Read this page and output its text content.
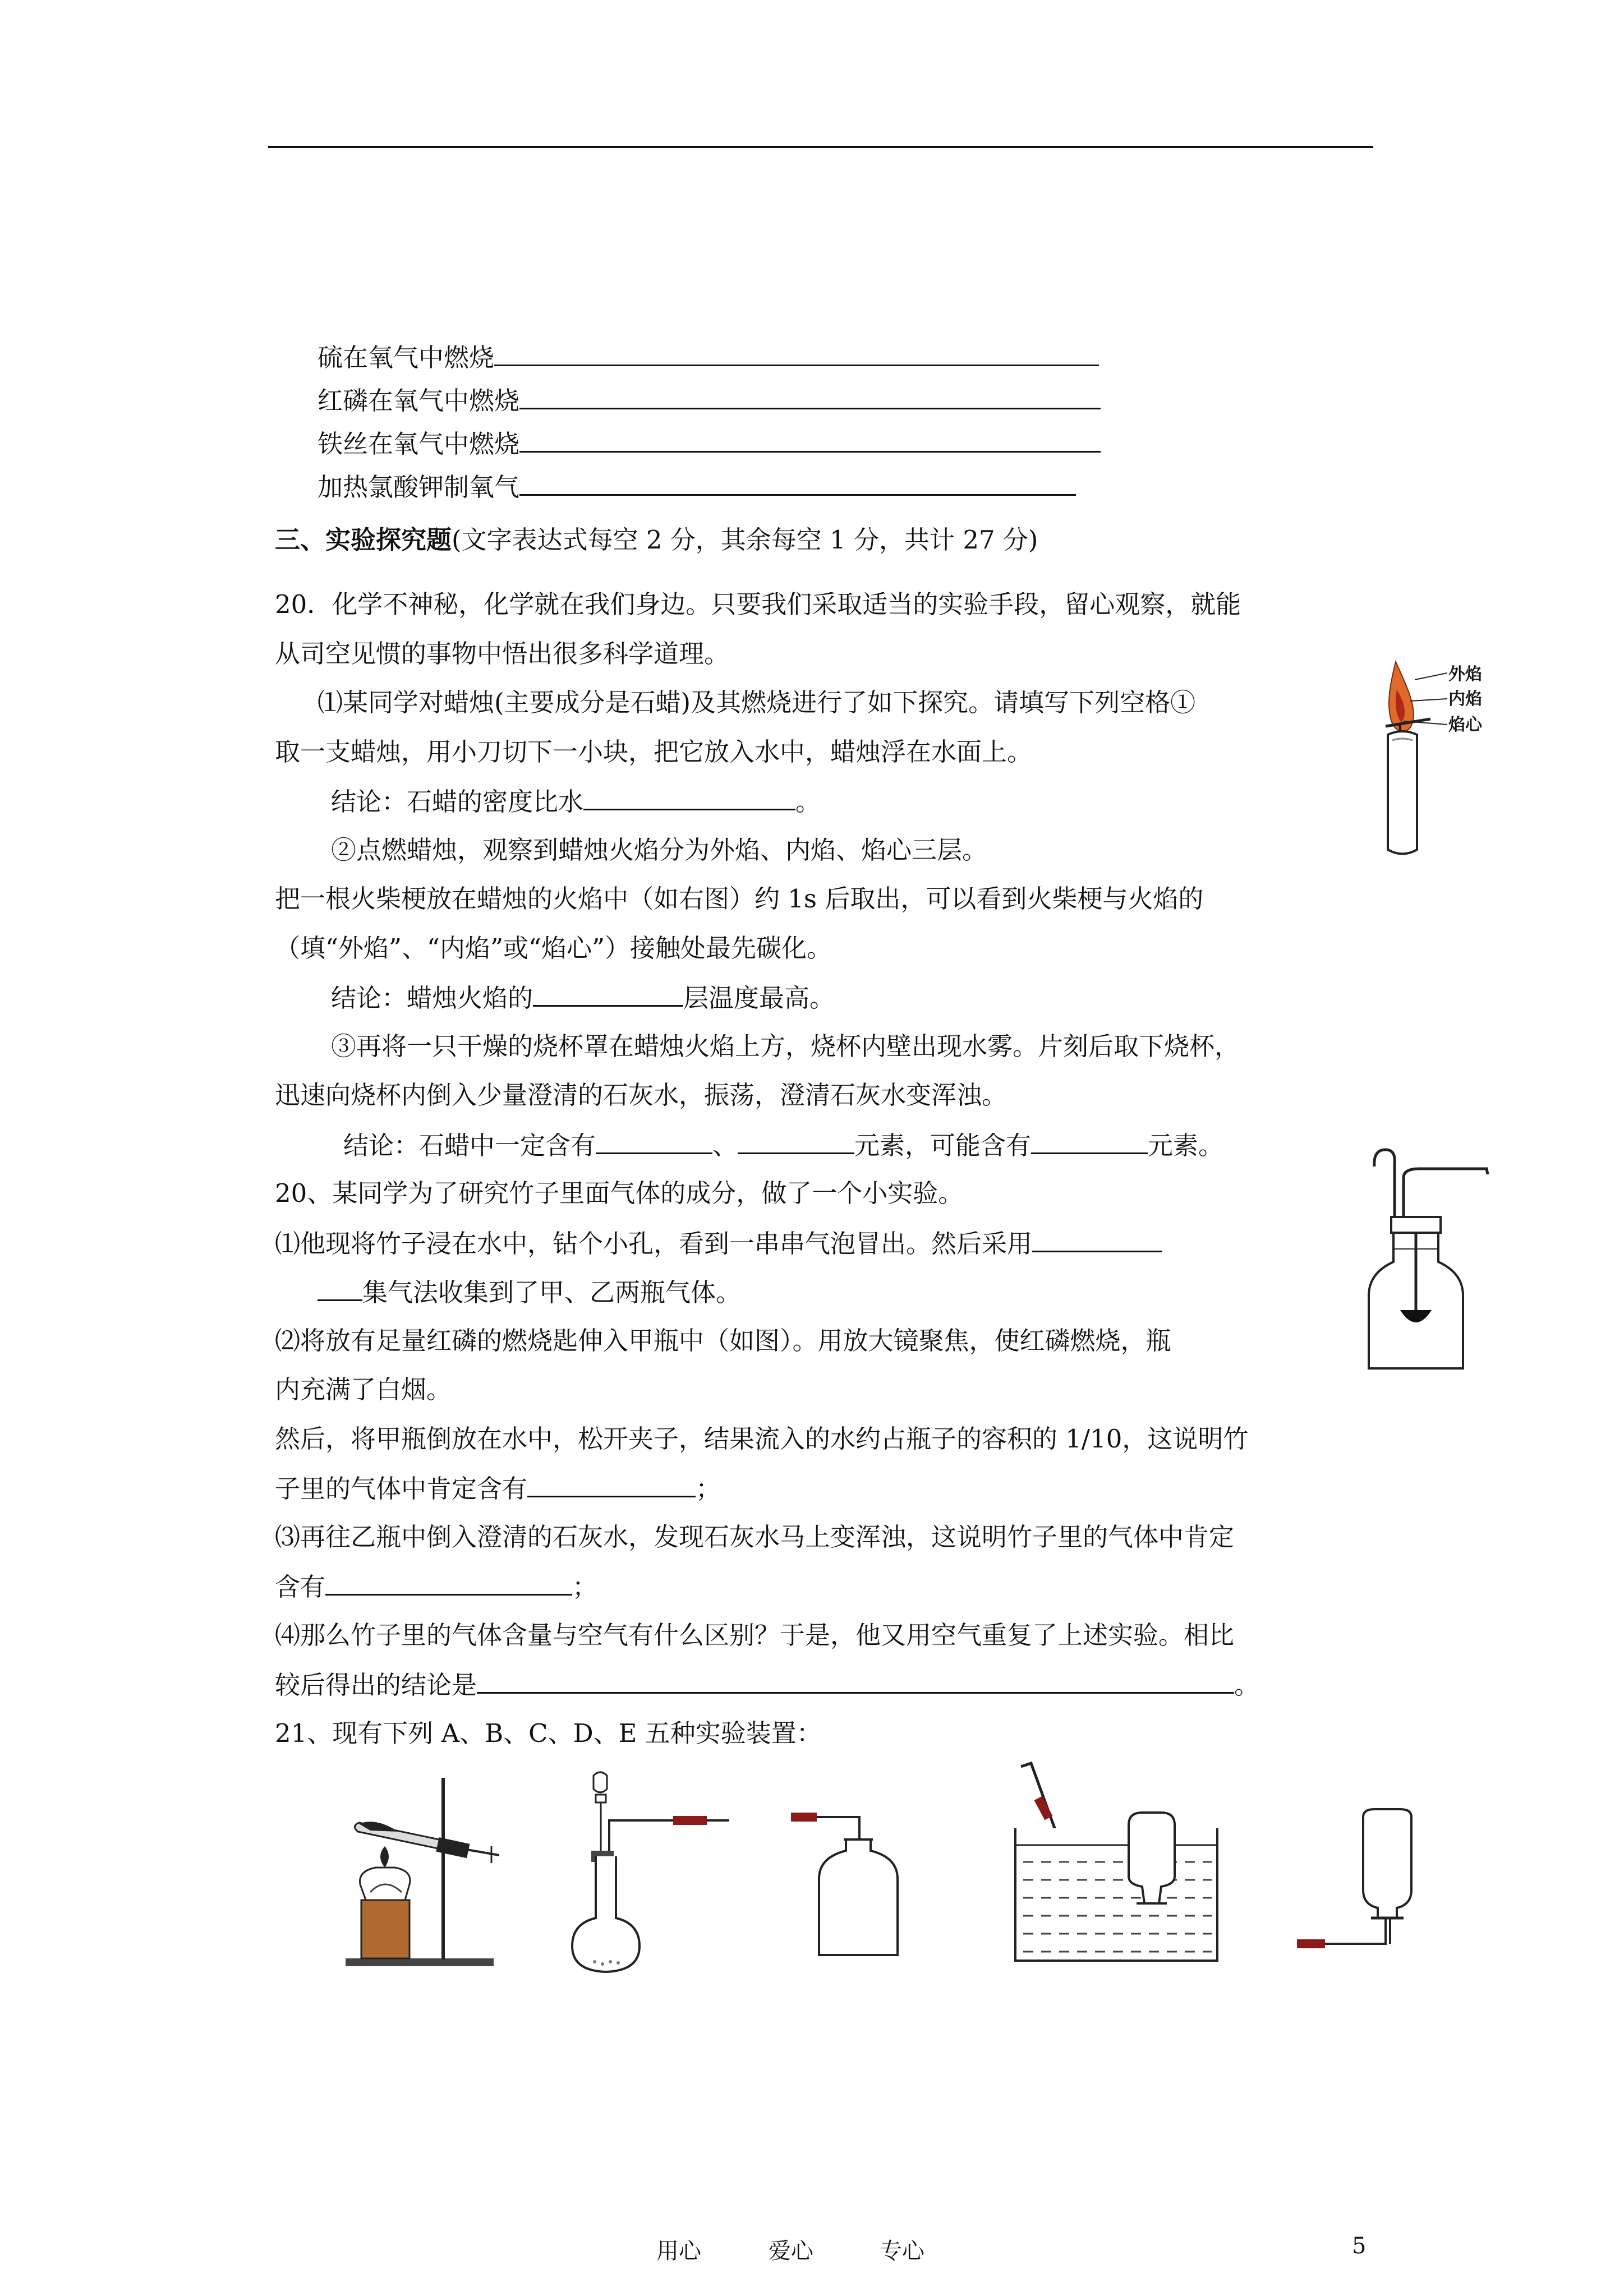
硫在氧气中燃烧
红磷在氧气中燃烧
铁丝在氧气中燃烧
加热氯酸钾制氧气
三、实验探究题(文字表达式每空 2 分，其余每空 1 分，共计 27 分)
20．化学不神秘，化学就在我们身边。只要我们采取适当的实验手段，留心观察，就能
从司空见惯的事物中悟出很多科学道理。
⑴某同学对蜡烛(主要成分是石蜡)及其燃烧进行了如下探究。请填写下列空格①
取一支蜡烛，用小刀切下一小块，把它放入水中，蜡烛浮在水面上。
结论：石蜡的密度比水	。
②点燃蜡烛，观察到蜡烛火焰分为外焰、内焰、焰心三层。
把一根火柴梗放在蜡烛的火焰中（如右图）约 1s 后取出，可以看到火柴梗与火焰的
（填“外焰”、“内焰”或“焰心”）接触处最先碳化。
结论：蜡烛火焰的	层温度最高。
③再将一只干燥的烧杯罩在蜡烛火焰上方，烧杯内壁出现水雾。片刻后取下烧杯，
迅速向烧杯内倒入少量澄清的石灰水，振荡，澄清石灰水变浑浊。
结论：石蜡中一定含有	、	元素，可能含有	元素。
外焰
内焰
焰心
20、某同学为了研究竹子里面气体的成分，做了一个小实验。
⑴他现将竹子浸在水中，钻个小孔，看到一串串气泡冒出。然后采用
集气法收集到了甲、乙两瓶气体。
⑵将放有足量红磷的燃烧匙伸入甲瓶中（如图）。用放大镜聚焦，使红磷燃烧，瓶
内充满了白烟。
然后，将甲瓶倒放在水中，松开夹子，结果流入的水约占瓶子的容积的 1/10，这说明竹
子里的气体中肯定含有	；
⑶再往乙瓶中倒入澄清的石灰水，发现石灰水马上变浑浊，这说明竹子里的气体中肯定
含有	；
⑷那么竹子里的气体含量与空气有什么区别？于是，他又用空气重复了上述实验。相比
较后得出的结论是	。
21、现有下列 A、B、C、D、E 五种实验装置：
用心	爱心	专心	5
